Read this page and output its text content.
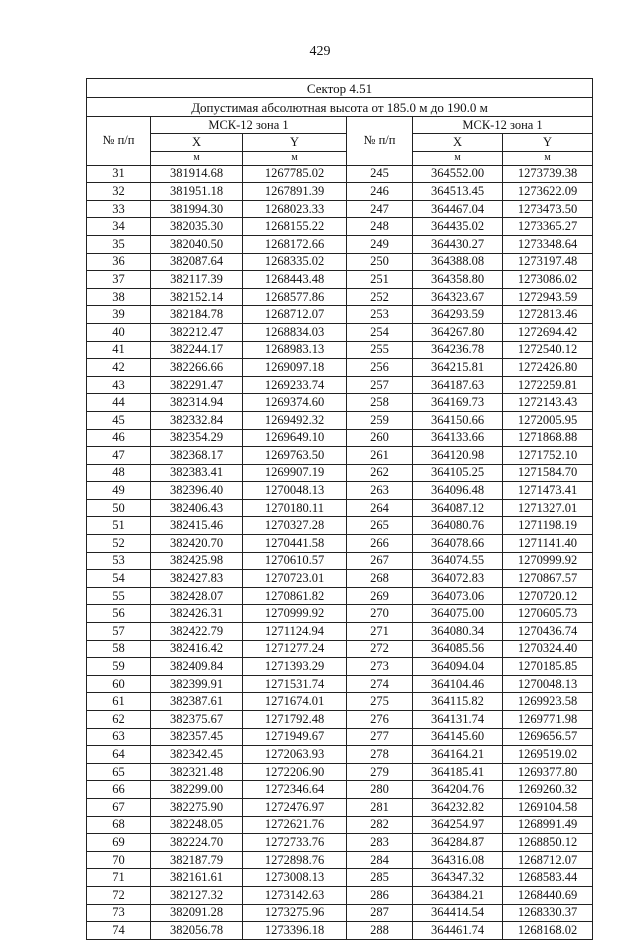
429
Сектор 4.51					
Допустимая абсолютная высота от 185.0 м до 190.0 м					
№ п/п	МСК-12 зона 1		№ п/п	МСК-12 зона 1	
	X	Y		X	Y
	м	м		м	м
31	381914.68	1267785.02	245	364552.00	1273739.38
32	381951.18	1267891.39	246	364513.45	1273622.09
33	381994.30	1268023.33	247	364467.04	1273473.50
34	382035.30	1268155.22	248	364435.02	1273365.27
35	382040.50	1268172.66	249	364430.27	1273348.64
36	382087.64	1268335.02	250	364388.08	1273197.48
37	382117.39	1268443.48	251	364358.80	1273086.02
38	382152.14	1268577.86	252	364323.67	1272943.59
39	382184.78	1268712.07	253	364293.59	1272813.46
40	382212.47	1268834.03	254	364267.80	1272694.42
41	382244.17	1268983.13	255	364236.78	1272540.12
42	382266.66	1269097.18	256	364215.81	1272426.80
43	382291.47	1269233.74	257	364187.63	1272259.81
44	382314.94	1269374.60	258	364169.73	1272143.43
45	382332.84	1269492.32	259	364150.66	1272005.95
46	382354.29	1269649.10	260	364133.66	1271868.88
47	382368.17	1269763.50	261	364120.98	1271752.10
48	382383.41	1269907.19	262	364105.25	1271584.70
49	382396.40	1270048.13	263	364096.48	1271473.41
50	382406.43	1270180.11	264	364087.12	1271327.01
51	382415.46	1270327.28	265	364080.76	1271198.19
52	382420.70	1270441.58	266	364078.66	1271141.40
53	382425.98	1270610.57	267	364074.55	1270999.92
54	382427.83	1270723.01	268	364072.83	1270867.57
55	382428.07	1270861.82	269	364073.06	1270720.12
56	382426.31	1270999.92	270	364075.00	1270605.73
57	382422.79	1271124.94	271	364080.34	1270436.74
58	382416.42	1271277.24	272	364085.56	1270324.40
59	382409.84	1271393.29	273	364094.04	1270185.85
60	382399.91	1271531.74	274	364104.46	1270048.13
61	382387.61	1271674.01	275	364115.82	1269923.58
62	382375.67	1271792.48	276	364131.74	1269771.98
63	382357.45	1271949.67	277	364145.60	1269656.57
64	382342.45	1272063.93	278	364164.21	1269519.02
65	382321.48	1272206.90	279	364185.41	1269377.80
66	382299.00	1272346.64	280	364204.76	1269260.32
67	382275.90	1272476.97	281	364232.82	1269104.58
68	382248.05	1272621.76	282	364254.97	1268991.49
69	382224.70	1272733.76	283	364284.87	1268850.12
70	382187.79	1272898.76	284	364316.08	1268712.07
71	382161.61	1273008.13	285	364347.32	1268583.44
72	382127.32	1273142.63	286	364384.21	1268440.69
73	382091.28	1273275.96	287	364414.54	1268330.37
74	382056.78	1273396.18	288	364461.74	1268168.02
